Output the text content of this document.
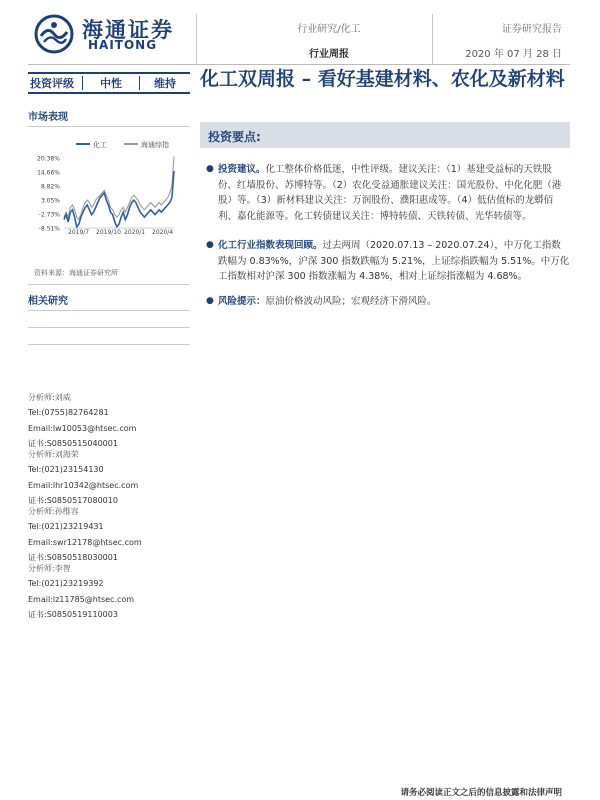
海通证券
HAITONG
行业研究/化工
行业周报
证券研究报告
2020 年 07 月 28 日
投资评级	中性	维持	化工双周报 – 看好基建材料、农化及新材料
市场表现
化工	海通综指
20.38%
14.66%
8.82%
3.05%
-2.73%
-8.51% 2019/7 2019/10 2020/1 2020/4
资料来源：海通证券研究所
相关研究
分析师:刘威
Tel:(0755)82764281
Email:lw10053@htsec.com
证书:S0850515040001
分析师:刘海荣
Tel:(021)23154130
Email:lhr10342@htsec.com
证书:S0850517080010
分析师:孙维容
Tel:(021)23219431
Email:swr12178@htsec.com
证书:S0850518030001
分析师:李智
Tel:(021)23219392
Email:lz11785@htsec.com
证书:S0850519110003
投资要点:
● 投资建议。化工整体价格低迷，中性评级。建议关注：（1）基建受益标的天铁股份、红墙股份、苏博特等。（2）农化受益通胀建议关注：国光股份、中化化肥（港股）等。（3）新材料建议关注：万润股份、濮阳惠成等。（4）低估值标的龙蟒佰利、嘉化能源等。化工转债建议关注：博特转债、天铁转债、光华转债等。
● 化工行业指数表现回顾。过去两周（2020.07.13 – 2020.07.24），中万化工指数跌幅为 0.83%%，沪深 300 指数跌幅为 5.21%，上证综指跌幅为 5.51%。中万化工指数相对沪深 300 指数涨幅为 4.38%，相对上证综指涨幅为 4.68%。
● 风险提示：原油价格波动风险；宏观经济下滑风险。
请务必阅读正文之后的信息披露和法律声明
